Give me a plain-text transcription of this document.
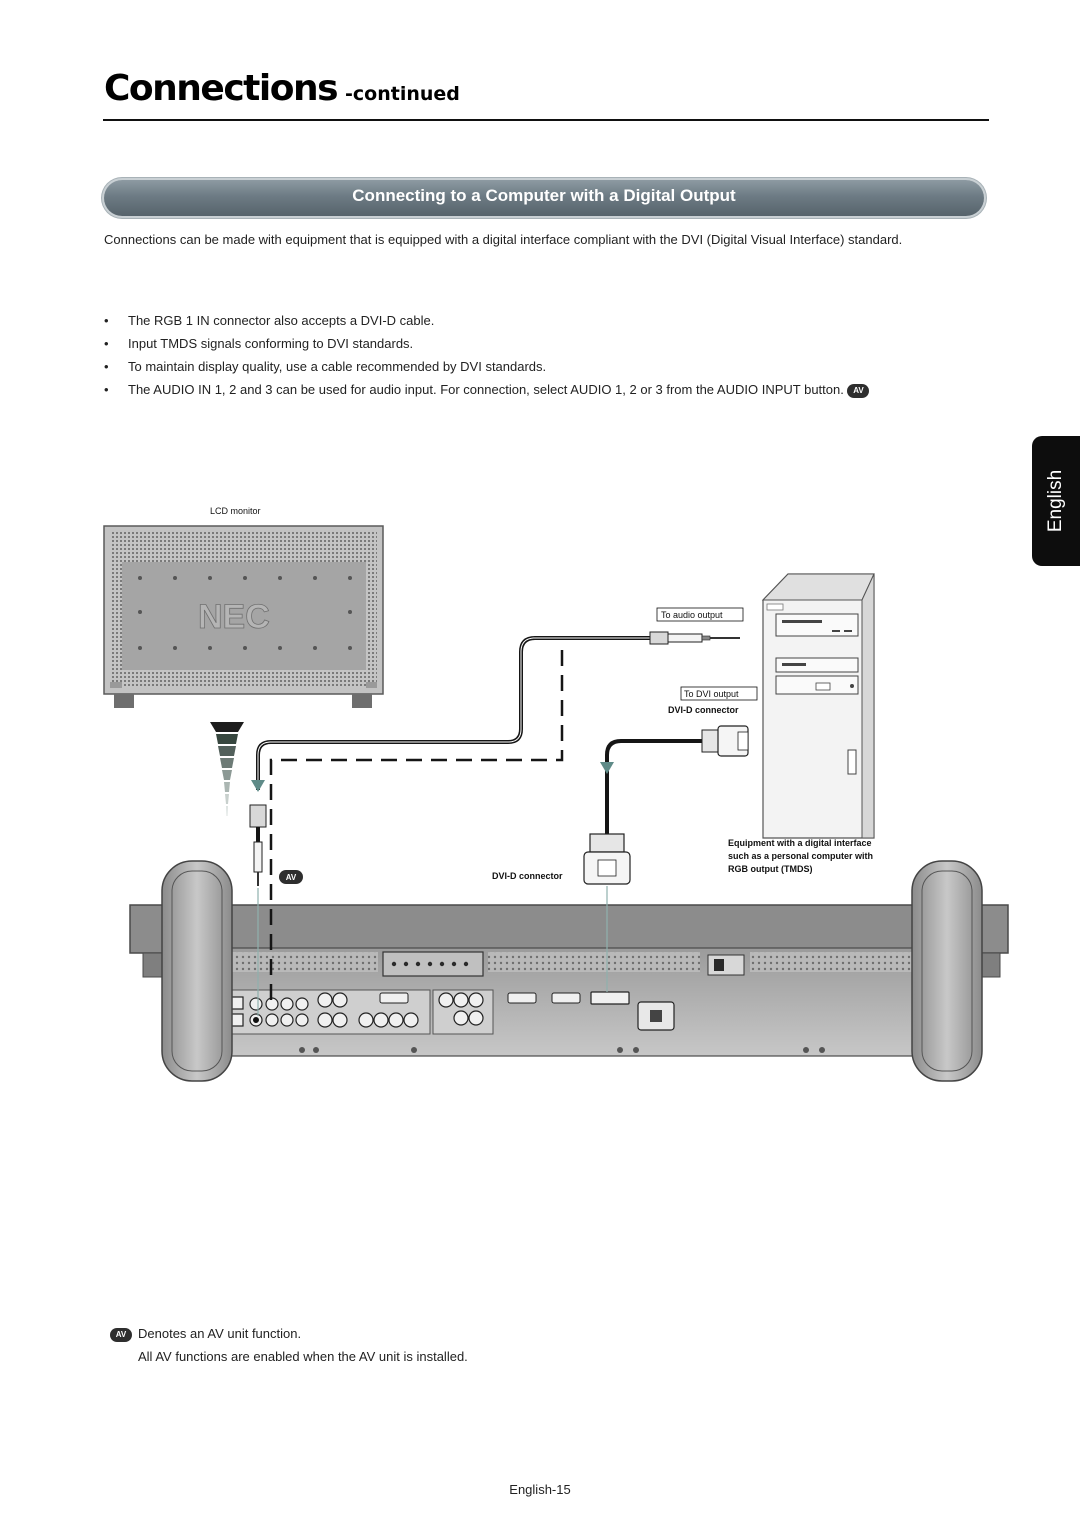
Connections -continued
Connecting to a Computer with a Digital Output

Connections can be made with equipment that is equipped with a digital interface compliant with the DVI (Digital Visual Interface) standard.

• The RGB 1 IN connector also accepts a DVI-D cable.
• Input TMDS signals conforming to DVI standards.
• To maintain display quality, use a cable recommended by DVI standards.
• The AUDIO IN 1, 2 and 3 can be used for audio input. For connection, select AUDIO 1, 2 or 3 from the AUDIO INPUT button. AV
English
LCD monitor
NEC	To audio output
To DVI output
DVI-D connector
DVI-D connector
Equipment with a digital interface
such as a personal computer with
RGB output (TMDS)
AV

AV Denotes an AV unit function.

All AV functions are enabled when the AV unit is installed.

English-15
